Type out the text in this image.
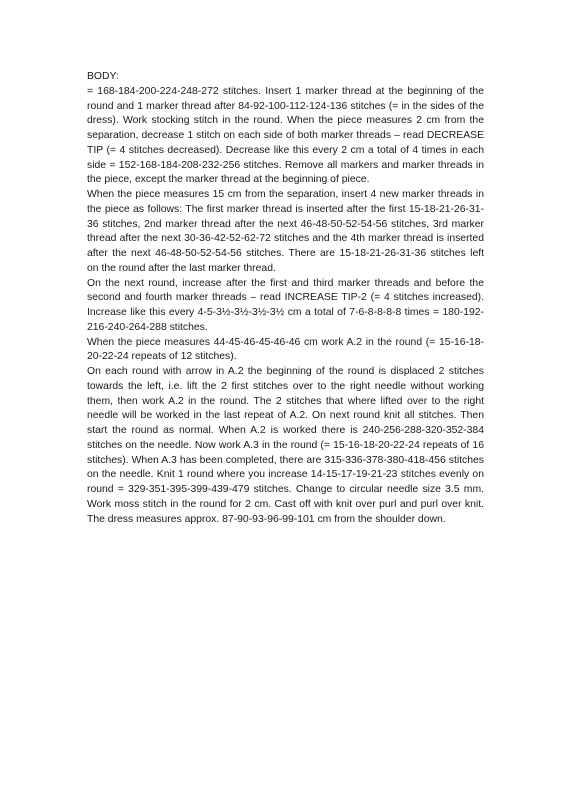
BODY:

= 168-184-200-224-248-272 stitches. Insert 1 marker thread at the beginning of the round and 1 marker thread after 84-92-100-112-124-136 stitches (= in the sides of the dress). Work stocking stitch in the round. When the piece measures 2 cm from the separation, decrease 1 stitch on each side of both marker threads – read DECREASE TIP (= 4 stitches decreased). Decrease like this every 2 cm a total of 4 times in each side = 152-168-184-208-232-256 stitches. Remove all markers and marker threads in the piece, except the marker thread at the beginning of piece.

When the piece measures 15 cm from the separation, insert 4 new marker threads in the piece as follows: The first marker thread is inserted after the first 15-18-21-26-31-36 stitches, 2nd marker thread after the next 46-48-50-52-54-56 stitches, 3rd marker thread after the next 30-36-42-52-62-72 stitches and the 4th marker thread is inserted after the next 46-48-50-52-54-56 stitches. There are 15-18-21-26-31-36 stitches left on the round after the last marker thread.

On the next round, increase after the first and third marker threads and before the second and fourth marker threads – read INCREASE TIP-2 (= 4 stitches increased). Increase like this every 4-5-3½-3½-3½-3½ cm a total of 7-6-8-8-8-8 times = 180-192-216-240-264-288 stitches.

When the piece measures 44-45-46-45-46-46 cm work A.2 in the round (= 15-16-18-20-22-24 repeats of 12 stitches).

On each round with arrow in A.2 the beginning of the round is displaced 2 stitches towards the left, i.e. lift the 2 first stitches over to the right needle without working them, then work A.2 in the round. The 2 stitches that where lifted over to the right needle will be worked in the last repeat of A.2. On next round knit all stitches. Then start the round as normal. When A.2 is worked there is 240-256-288-320-352-384 stitches on the needle. Now work A.3 in the round (= 15-16-18-20-22-24 repeats of 16 stitches). When A.3 has been completed, there are 315-336-378-380-418-456 stitches on the needle. Knit 1 round where you increase 14-15-17-19-21-23 stitches evenly on round = 329-351-395-399-439-479 stitches. Change to circular needle size 3.5 mm. Work moss stitch in the round for 2 cm. Cast off with knit over purl and purl over knit. The dress measures approx. 87-90-93-96-99-101 cm from the shoulder down.
